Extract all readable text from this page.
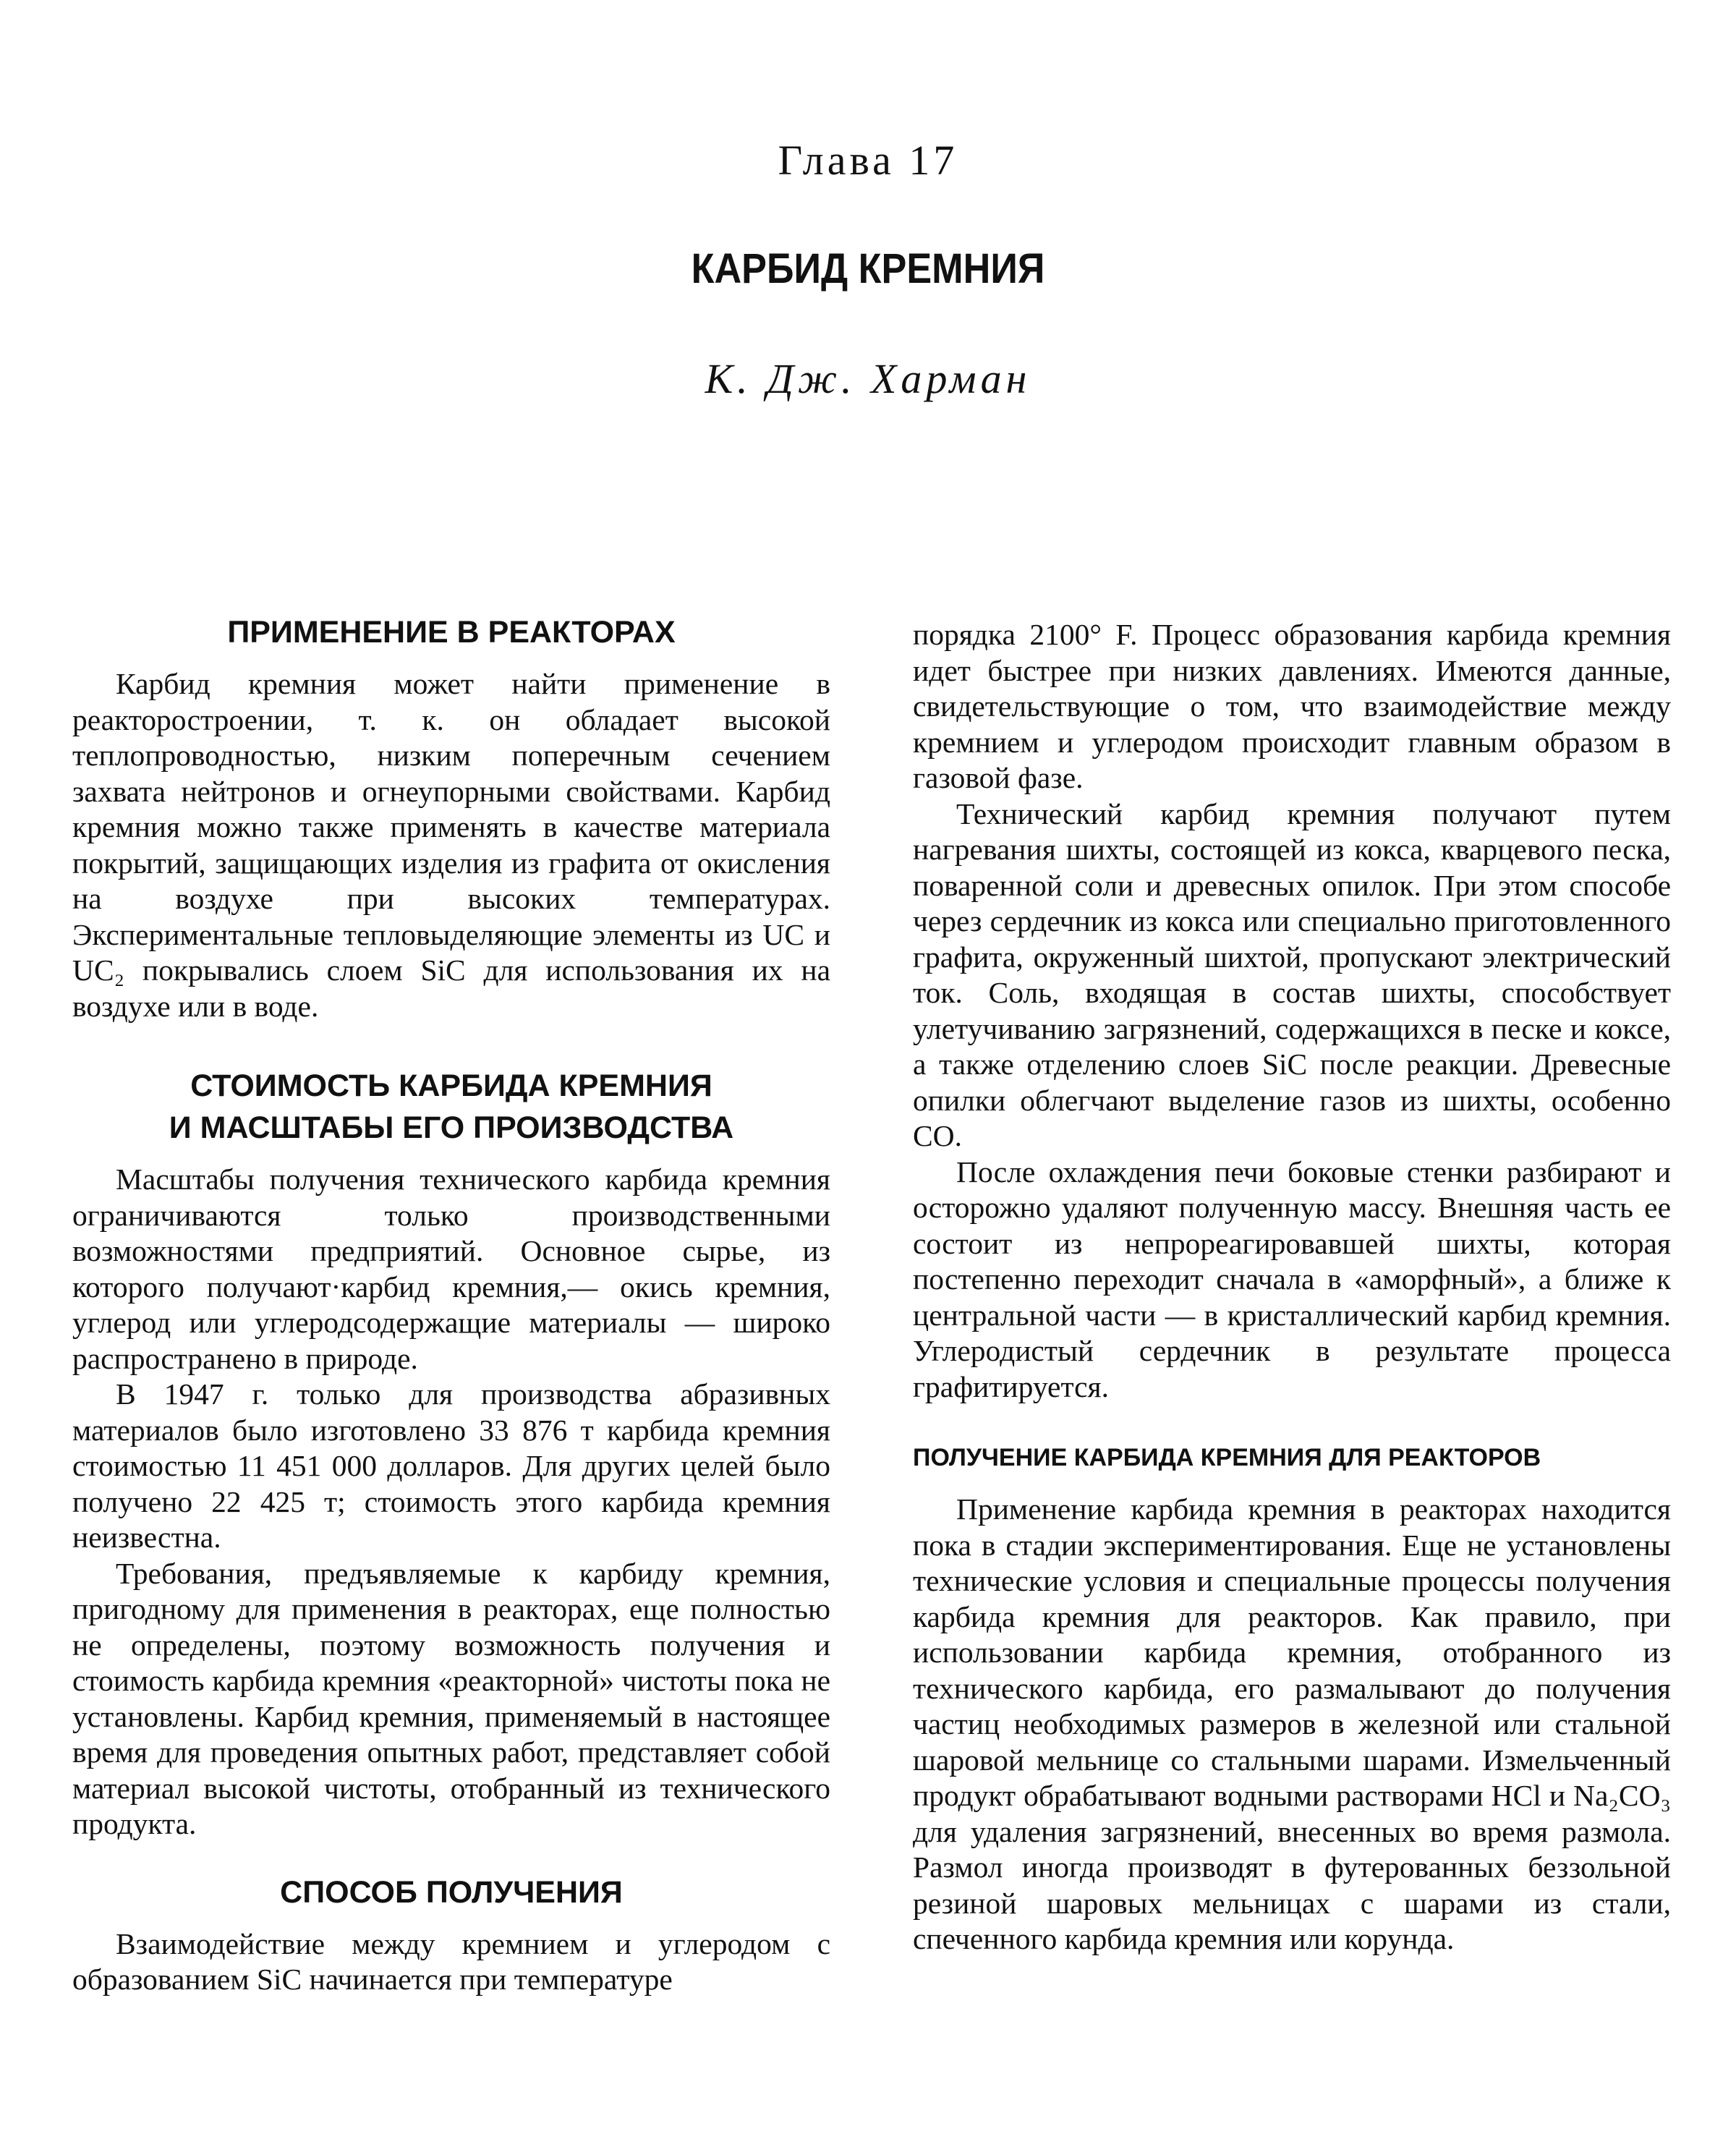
Глава 17
КАРБИД КРЕМНИЯ
К. Дж. Харман
ПРИМЕНЕНИЕ В РЕАКТОРАХ

Карбид кремния может найти применение в реакторостроении, т. к. он обладает высокой теплопроводностью, низким поперечным сечением захвата нейтронов и огнеупорными свойствами. Карбид кремния можно также применять в качестве материала покрытий, защищающих изделия из графита от окисления на воздухе при высоких температурах. Экспериментальные тепловыделяющие элементы из UC и UC₂ покрывались слоем SiC для использования их на воздухе или в воде.

СТОИМОСТЬ КАРБИДА КРЕМНИЯ
И МАСШТАБЫ ЕГО ПРОИЗВОДСТВА

Масштабы получения технического карбида кремния ограничиваются только производственными возможностями предприятий. Основное сырье, из которого получают·карбид кремния,— окись кремния, углерод или углеродсодержащие материалы — широко распространено в природе.

В 1947 г. только для производства абразивных материалов было изготовлено 33 876 т карбида кремния стоимостью 11 451 000 долларов. Для других целей было получено 22 425 т; стоимость этого карбида кремния неизвестна.

Требования, предъявляемые к карбиду кремния, пригодному для применения в реакторах, еще полностью не определены, поэтому возможность получения и стоимость карбида кремния «реакторной» чистоты пока не установлены. Карбид кремния, применяемый в настоящее время для проведения опытных работ, представляет собой материал высокой чистоты, отобранный из технического продукта.

СПОСОБ ПОЛУЧЕНИЯ

Взаимодействие между кремнием и углеродом с образованием SiC начинается при температуре

порядка 2100° F. Процесс образования карбида кремния идет быстрее при низких давлениях. Имеются данные, свидетельствующие о том, что взаимодействие между кремнием и углеродом происходит главным образом в газовой фазе.

Технический карбид кремния получают путем нагревания шихты, состоящей из кокса, кварцевого песка, поваренной соли и древесных опилок. При этом способе через сердечник из кокса или специально приготовленного графита, окруженный шихтой, пропускают электрический ток. Соль, входящая в состав шихты, способствует улетучиванию загрязнений, содержащихся в песке и коксе, а также отделению слоев SiC после реакции. Древесные опилки облегчают выделение газов из шихты, особенно CO.

После охлаждения печи боковые стенки разбирают и осторожно удаляют полученную массу. Внешняя часть ее состоит из непрореагировавшей шихты, которая постепенно переходит сначала в «аморфный», а ближе к центральной части — в кристаллический карбид кремния. Углеродистый сердечник в результате процесса графитируется.

ПОЛУЧЕНИЕ КАРБИДА КРЕМНИЯ ДЛЯ РЕАКТОРОВ

Применение карбида кремния в реакторах находится пока в стадии экспериментирования. Еще не установлены технические условия и специальные процессы получения карбида кремния для реакторов. Как правило, при использовании карбида кремния, отобранного из технического карбида, его размалывают до получения частиц необходимых размеров в железной или стальной шаровой мельнице со стальными шарами. Измельченный продукт обрабатывают водными растворами HCl и Na₂CO₃ для удаления загрязнений, внесенных во время размола. Размол иногда производят в футерованных беззольной резиной шаровых мельницах с шарами из стали, спеченного карбида кремния или корунда.
